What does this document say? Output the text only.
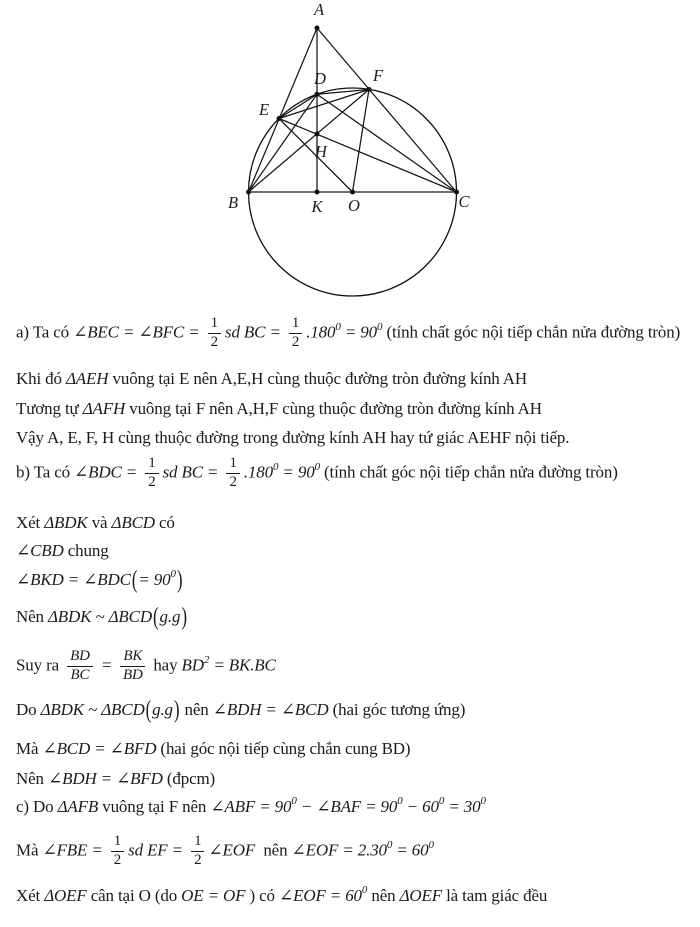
A
B	C
D
E
F
H
K O
a) Ta có ∠BEC = ∠BFC = $\frac{1}{2}$ sd BC = $\frac{1}{2} .180^0 = 90^0$ (tính chất góc nội tiếp chắn nửa đường tròn)
Khi đó ΔAEH vuông tại E nên A,E,H cùng thuộc đường tròn đường kính AH
Tương tự ΔAFH vuông tại F nên A,H,F cùng thuộc đường tròn đường kính AH
Vậy A, E, F, H cùng thuộc đường trong đường kính AH hay tứ giác AEHF nội tiếp.
b) Ta có ∠BDC = $\frac{1}{2}$ sd BC = $\frac{1}{2} .180^0 = 90^0$ (tính chất góc nội tiếp chắn nửa đường tròn)
Xét ΔBDK và ΔBCD có
∠CBD chung
∠BKD = ∠BDC(= $90^0$)
Nên ΔBDK ~ ΔBCD(g.g)
Suy ra $\frac{BD}{BC} = \frac{BK}{BD}$ hay $BD^2 = BK.BC$
Do ΔBDK ~ ΔBCD(g.g) nên ∠BDH = ∠BCD (hai góc tương ứng)
Mà ∠BCD = ∠BFD (hai góc nội tiếp cùng chắn cung BD)
Nên ∠BDH = ∠BFD (đpcm)
c) Do ΔAFB vuông tại F nên ∠ABF = $90^0$ − ∠BAF = $90^0 - 60^0 = 30^0$
Mà ∠FBE = $\frac{1}{2}$ sd EF = $\frac{1}{2}$ ∠EOF  nên ∠EOF = $2.30^0 = 60^0$
Xét ΔOEF cân tại O (do OE = OF ) có ∠EOF = $60^0$ nên ΔOEF là tam giác đều
